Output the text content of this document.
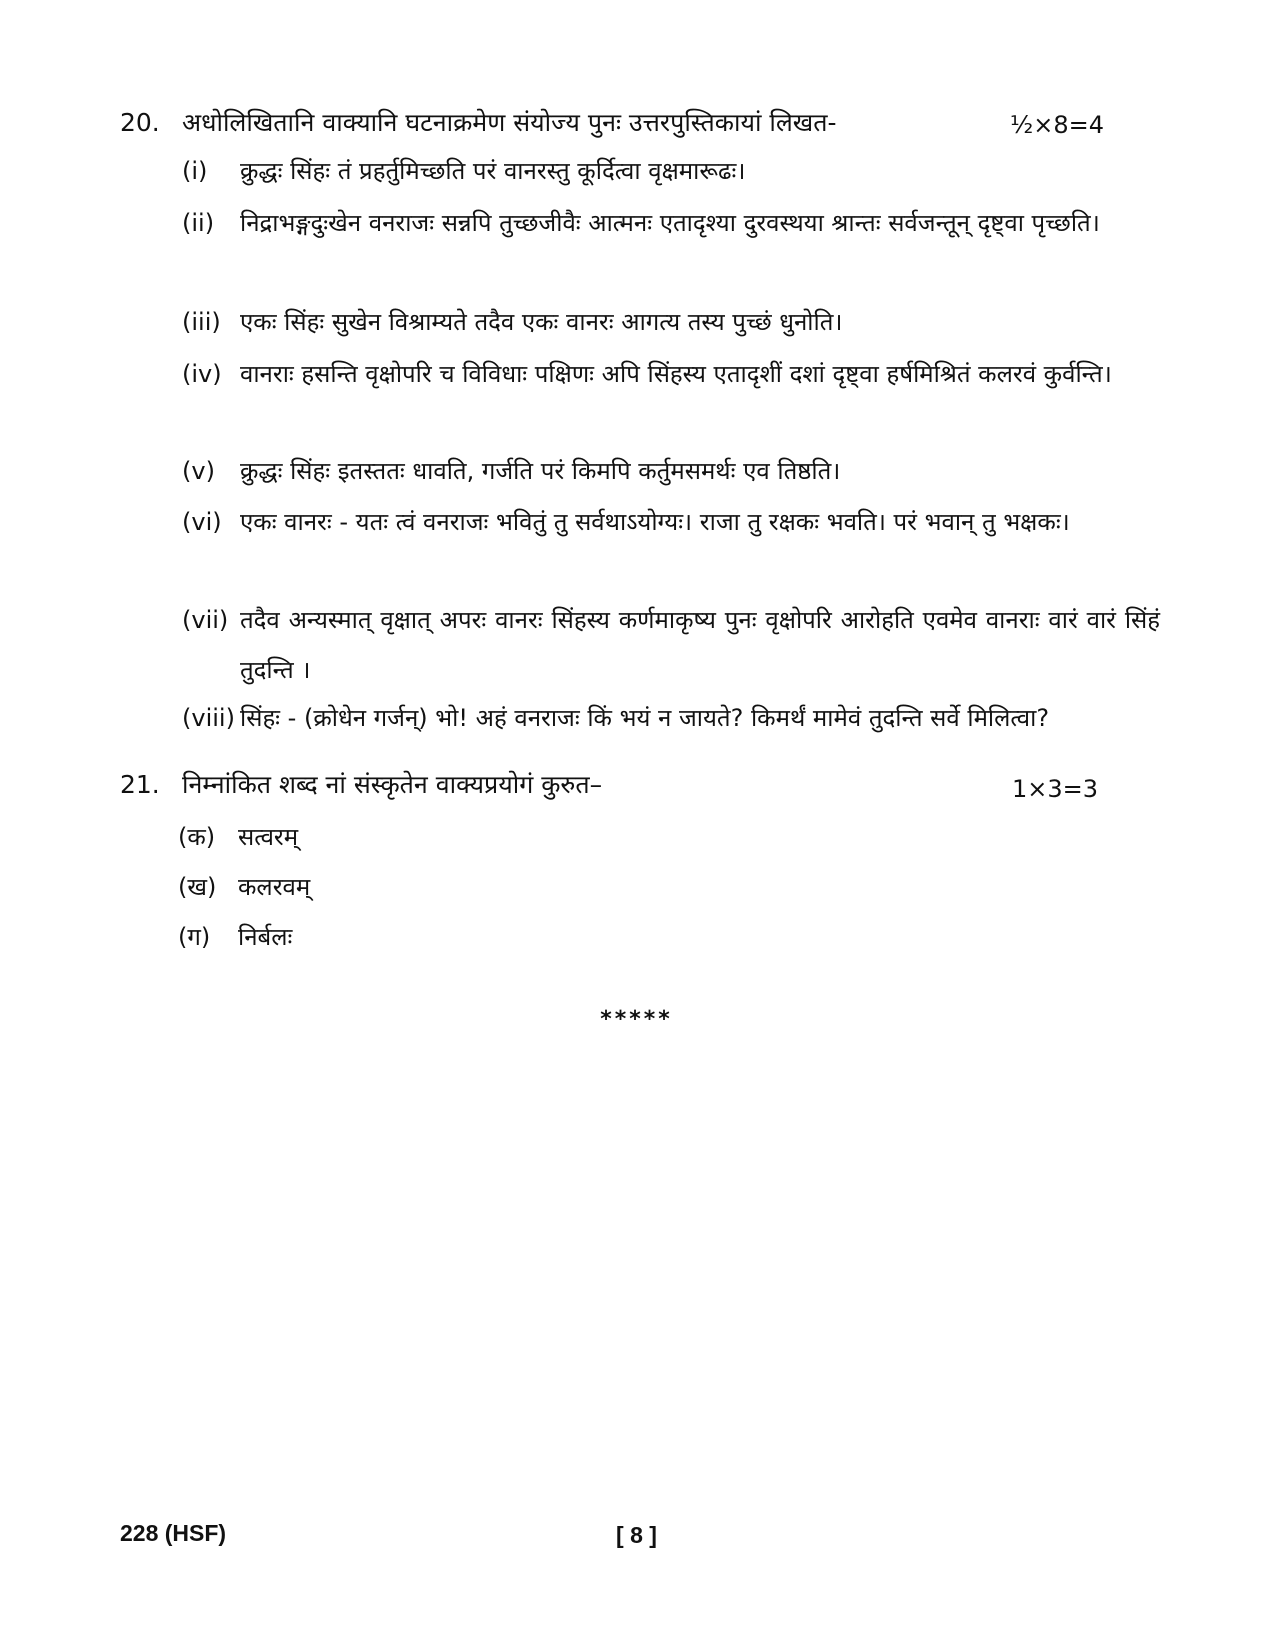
20. अधोलिखितानि वाक्यानि घटनाक्रमेण संयोज्य पुनः उत्तरपुस्तिकायां लिखत-	½×8=4
(i) क्रुद्धः सिंहः तं प्रहर्तुमिच्छति परं वानरस्तु कूर्दित्वा वृक्षमारूढः।
(ii) निद्राभङ्गदुःखेन वनराजः सन्नपि तुच्छजीवैः आत्मनः एतादृश्या दुरवस्थया श्रान्तः सर्वजन्तून् दृष्ट्वा पृच्छति।
(iii) एकः सिंहः सुखेन विश्राम्यते तदैव एकः वानरः आगत्य तस्य पुच्छं धुनोति।
(iv) वानराः हसन्ति वृक्षोपरि च विविधाः पक्षिणः अपि सिंहस्य एतादृशीं दशां दृष्ट्वा हर्षमिश्रितं कलरवं कुर्वन्ति।
(v) क्रुद्धः सिंहः इतस्ततः धावति, गर्जति परं किमपि कर्तुमसमर्थः एव तिष्ठति।
(vi) एकः वानरः - यतः त्वं वनराजः भवितुं तु सर्वथाऽयोग्यः। राजा तु रक्षकः भवति। परं भवान् तु भक्षकः।
(vii) तदैव अन्यस्मात् वृक्षात् अपरः वानरः सिंहस्य कर्णमाकृष्य पुनः वृक्षोपरि आरोहति एवमेव वानराः वारं वारं सिंहं तुदन्ति ।
(viii) सिंहः - (क्रोधेन गर्जन्) भो! अहं वनराजः किं भयं न जायते? किमर्थं मामेवं तुदन्ति सर्वे मिलित्वा?
21. निम्नांकित शब्द नां संस्कृतेन वाक्यप्रयोगं कुरुत–	1×3=3
(क) सत्वरम्
(ख) कलरवम्
(ग) निर्बलः
*****
228 (HSF)	[ 8 ]
